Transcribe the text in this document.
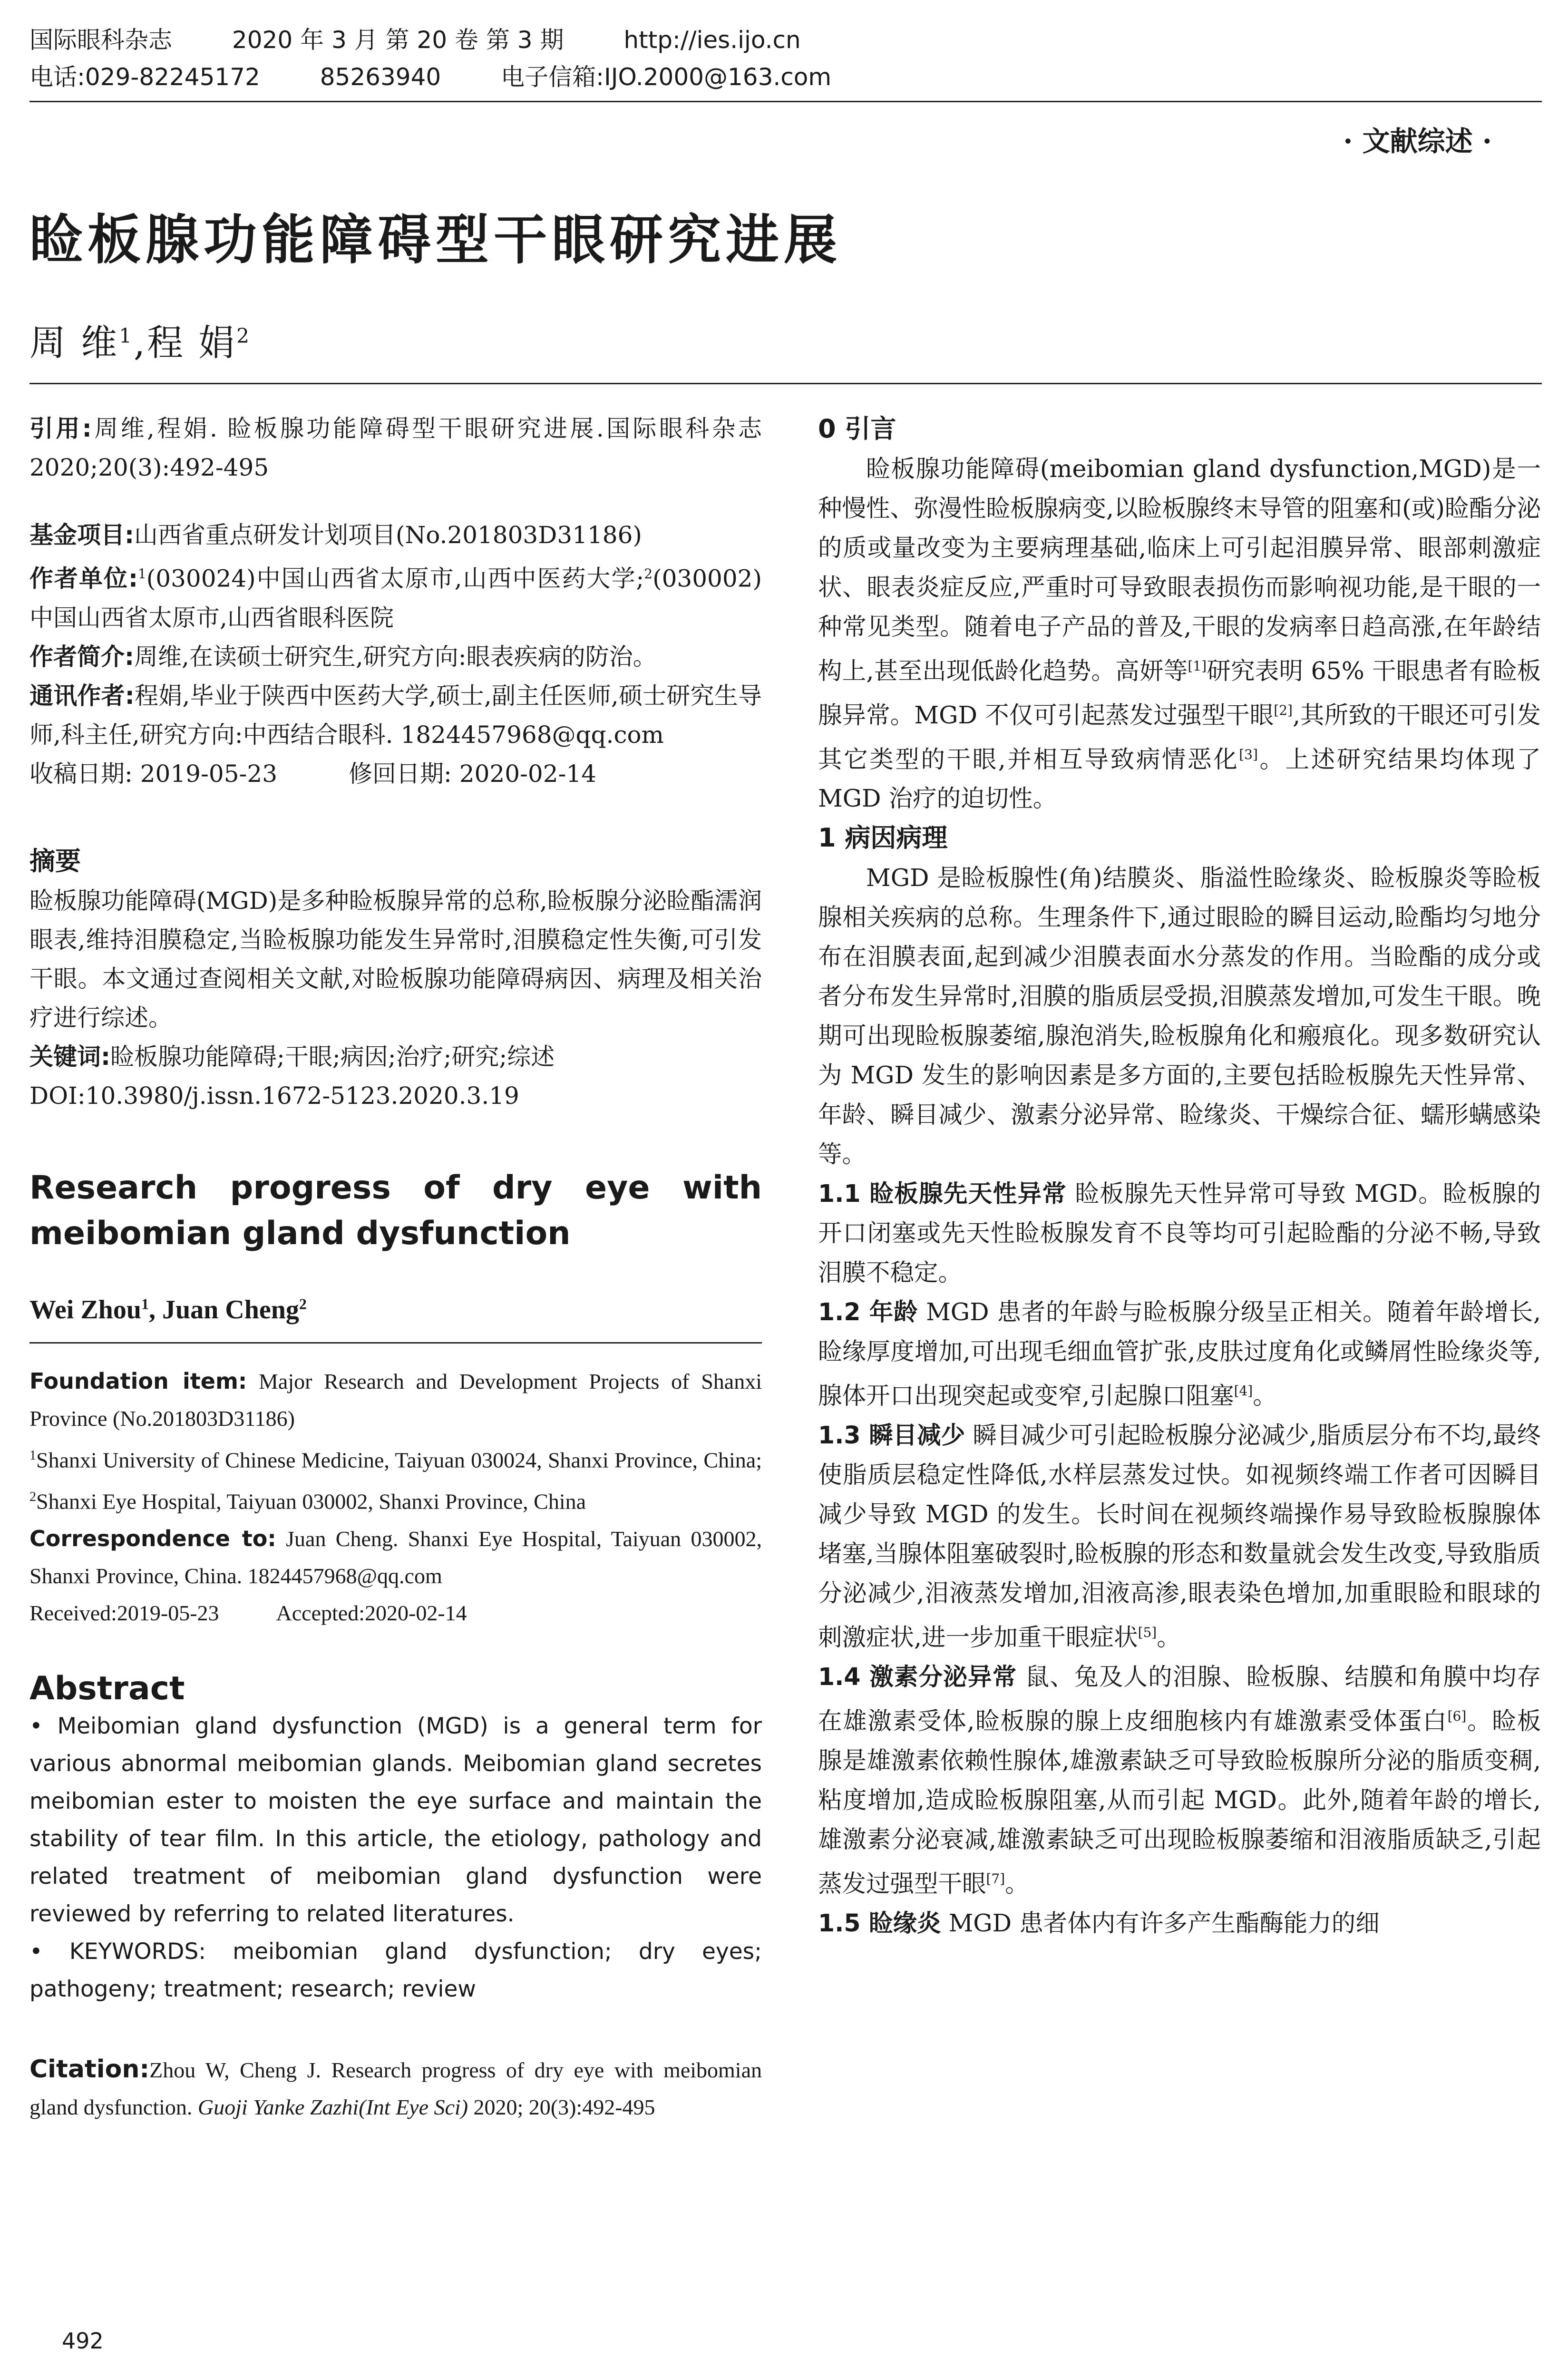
国际眼科杂志	2020 年 3 月 第 20 卷 第 3 期	http://ies.ijo.cn
电话:029-82245172	85263940	电子信箱:IJO.2000@163.com
· 文献综述 ·
睑板腺功能障碍型干眼研究进展
周 维$^1$,程 娟$^2$

引用:周维,程娟. 睑板腺功能障碍型干眼研究进展.国际眼科杂志 2020;20(3):492-495

基金项目:山西省重点研发计划项目(No.201803D31186)

作者单位:$^1$(030024)中国山西省太原市,山西中医药大学;$^2$(030002)中国山西省太原市,山西省眼科医院

作者简介:周维,在读硕士研究生,研究方向:眼表疾病的防治。

通讯作者:程娟,毕业于陕西中医药大学,硕士,副主任医师,硕士研究生导师,科主任,研究方向:中西结合眼科. 1824457968@qq.com

收稿日期: 2019-05-23	修回日期: 2020-02-14

摘要

睑板腺功能障碍(MGD)是多种睑板腺异常的总称,睑板腺分泌睑酯濡润眼表,维持泪膜稳定,当睑板腺功能发生异常时,泪膜稳定性失衡,可引发干眼。本文通过查阅相关文献,对睑板腺功能障碍病因、病理及相关治疗进行综述。

关键词:睑板腺功能障碍;干眼;病因;治疗;研究;综述

DOI:10.3980/j.issn.1672-5123.2020.3.19

Research progress of dry eye with
meibomian gland dysfunction
Wei Zhou$^1$, Juan Cheng$^2$
Foundation item: Major Research and Development Projects of Shanxi Province (No.201803D31186)
$^1$Shanxi University of Chinese Medicine, Taiyuan 030024, Shanxi Province, China; $^2$Shanxi Eye Hospital, Taiyuan 030002, Shanxi Province, China
Correspondence to: Juan Cheng. Shanxi Eye Hospital, Taiyuan 030002, Shanxi Province, China. 1824457968@qq.com
Received:2019-05-23	Accepted:2020-02-14
Abstract

• Meibomian gland dysfunction (MGD) is a general term for various abnormal meibomian glands. Meibomian gland secretes meibomian ester to moisten the eye surface and maintain the stability of tear film. In this article, the etiology, pathology and related treatment of meibomian gland dysfunction were reviewed by referring to related literatures.

• KEYWORDS: meibomian gland dysfunction; dry eyes; pathogeny; treatment; research; review

Citation:Zhou W, Cheng J. Research progress of dry eye with meibomian gland dysfunction. Guoji Yanke Zazhi(Int Eye Sci) 2020; 20(3):492-495

0 引言

睑板腺功能障碍(meibomian gland dysfunction,MGD)是一种慢性、弥漫性睑板腺病变,以睑板腺终末导管的阻塞和(或)睑酯分泌的质或量改变为主要病理基础,临床上可引起泪膜异常、眼部刺激症状、眼表炎症反应,严重时可导致眼表损伤而影响视功能,是干眼的一种常见类型。随着电子产品的普及,干眼的发病率日趋高涨,在年龄结构上,甚至出现低龄化趋势。高妍等[1]研究表明 65% 干眼患者有睑板腺异常。MGD 不仅可引起蒸发过强型干眼[2],其所致的干眼还可引发其它类型的干眼,并相互导致病情恶化[3]。上述研究结果均体现了 MGD 治疗的迫切性。

1 病因病理

MGD 是睑板腺性(角)结膜炎、脂溢性睑缘炎、睑板腺炎等睑板腺相关疾病的总称。生理条件下,通过眼睑的瞬目运动,睑酯均匀地分布在泪膜表面,起到减少泪膜表面水分蒸发的作用。当睑酯的成分或者分布发生异常时,泪膜的脂质层受损,泪膜蒸发增加,可发生干眼。晚期可出现睑板腺萎缩,腺泡消失,睑板腺角化和瘢痕化。现多数研究认为 MGD 发生的影响因素是多方面的,主要包括睑板腺先天性异常、年龄、瞬目减少、激素分泌异常、睑缘炎、干燥综合征、蠕形螨感染等。

1.1 睑板腺先天性异常 睑板腺先天性异常可导致 MGD。睑板腺的开口闭塞或先天性睑板腺发育不良等均可引起睑酯的分泌不畅,导致泪膜不稳定。

1.2 年龄 MGD 患者的年龄与睑板腺分级呈正相关。随着年龄增长,睑缘厚度增加,可出现毛细血管扩张,皮肤过度角化或鳞屑性睑缘炎等,腺体开口出现突起或变窄,引起腺口阻塞[4]。

1.3 瞬目减少 瞬目减少可引起睑板腺分泌减少,脂质层分布不均,最终使脂质层稳定性降低,水样层蒸发过快。如视频终端工作者可因瞬目减少导致 MGD 的发生。长时间在视频终端操作易导致睑板腺腺体堵塞,当腺体阻塞破裂时,睑板腺的形态和数量就会发生改变,导致脂质分泌减少,泪液蒸发增加,泪液高渗,眼表染色增加,加重眼睑和眼球的刺激症状,进一步加重干眼症状[5]。

1.4 激素分泌异常 鼠、兔及人的泪腺、睑板腺、结膜和角膜中均存在雄激素受体,睑板腺的腺上皮细胞核内有雄激素受体蛋白[6]。睑板腺是雄激素依赖性腺体,雄激素缺乏可导致睑板腺所分泌的脂质变稠,粘度增加,造成睑板腺阻塞,从而引起 MGD。此外,随着年龄的增长,雄激素分泌衰减,雄激素缺乏可出现睑板腺萎缩和泪液脂质缺乏,引起蒸发过强型干眼[7]。

1.5 睑缘炎 MGD 患者体内有许多产生酯酶能力的细

492
